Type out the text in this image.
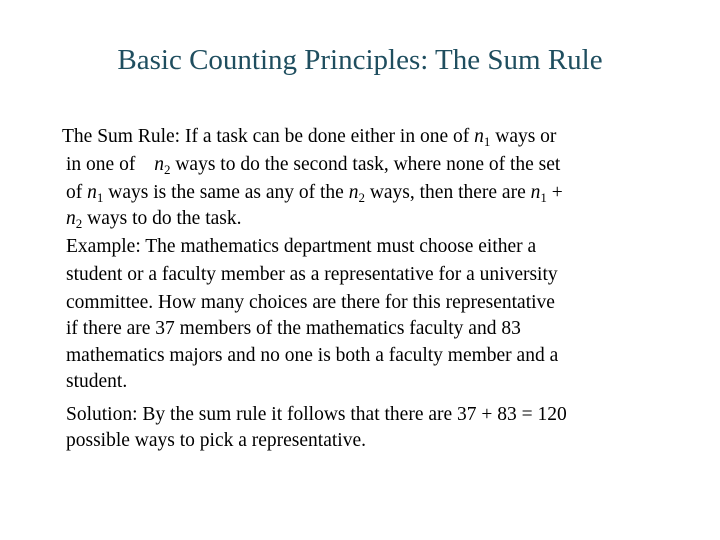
Basic Counting Principles: The Sum Rule
The Sum Rule: If a task can be done either in one of $n_1$ ways or
in one of $n_2$ ways to do the second task, where none of the set
of $n_1$ ways is the same as any of the $n_2$ ways, then there are $n_1$ +
$n_2$ ways to do the task.
Example: The mathematics department must choose either a
student or a faculty member as a representative for a university
committee. How many choices are there for this representative
if there are 37 members of the mathematics faculty and 83
mathematics majors and no one is both a faculty member and a
student.
Solution: By the sum rule it follows that there are 37 + 83 = 120
possible ways to pick a representative.
